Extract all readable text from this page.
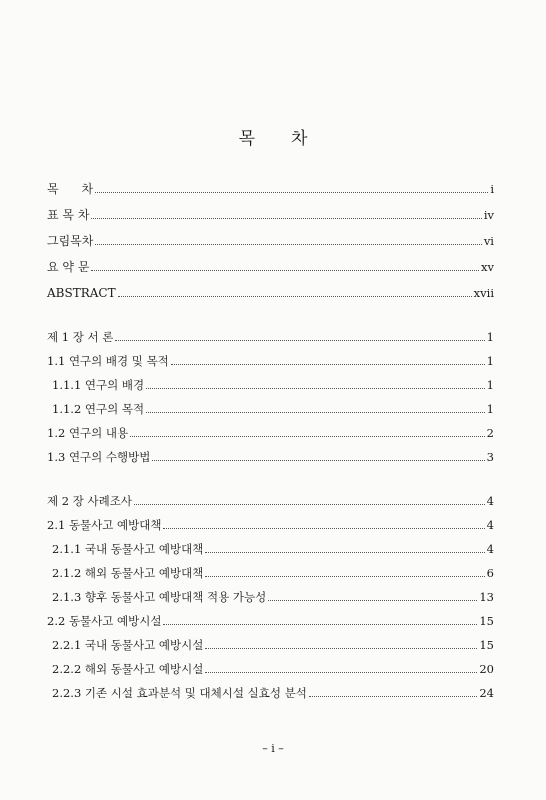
목 차
목      차	i
표 목 차	iv
그림목차	vi
요 약 문	xv
ABSTRACT	xvii
제 1 장 서 론	1
1.1 연구의 배경 및 목적	1
1.1.1 연구의 배경	1
1.1.2 연구의 목적	1
1.2 연구의 내용	2
1.3 연구의 수행방법	3
제 2 장 사례조사	4
2.1 동물사고 예방대책	4
2.1.1 국내 동물사고 예방대책	4
2.1.2 해외 동물사고 예방대책	6
2.1.3 향후 동물사고 예방대책 적용 가능성	13
2.2 동물사고 예방시설	15
2.2.1 국내 동물사고 예방시설	15
2.2.2 해외 동물사고 예방시설	20
2.2.3 기존 시설 효과분석 및 대체시설 실효성 분석	24
– i –
